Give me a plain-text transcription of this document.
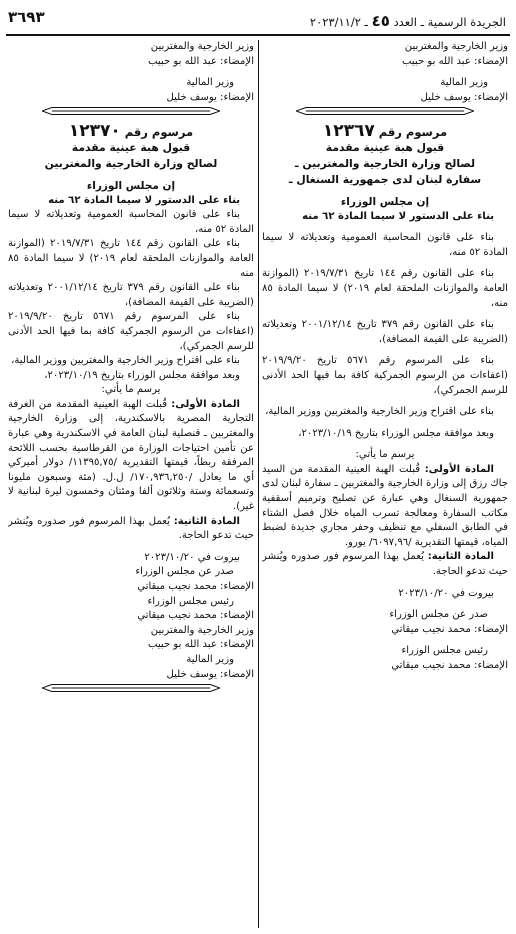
الجريدة الرسمية ـ العدد ٤٥ ـ ٢٠٢٣/١١/٢
٣٦٩٣

وزير الخارجية والمغتربين

الإمضاء: عبد الله بو حبيب

وزير المالية

الإمضاء: يوسف خليل

مرسوم رقم ١٢٣٦٧

قبول هبة عينية مقدمة

لصالح وزارة الخارجية والمغتربين ـ

سفارة لبنان لدى جمهورية السنغال ـ

إن مجلس الوزراء

بناء على الدستور لا سيما المادة ٦٢ منه

بناء على قانون المحاسبة العمومية وتعديلاته لا سيما المادة ٥٢ منه،

بناء على القانون رقم ١٤٤ تاريخ ٢٠١٩/٧/٣١ (الموازنة العامة والموازنات الملحقة لعام ٢٠١٩) لا سيما المادة ٨٥ منه،

بناء على القانون رقم ٣٧٩ تاريخ ٢٠٠١/١٢/١٤ وتعديلاته (الضريبة على القيمة المضافة)،

بناء على المرسوم رقم ٥٦٧١ تاريخ ٢٠١٩/٩/٢٠ (اعفاءات من الرسوم الجمركية كافة بما فيها الحد الأدنى للرسم الجمركي)،

بناء على اقتراح وزير الخارجية والمغتربين ووزير المالية،

وبعد موافقة مجلس الوزراء بتاريخ ٢٠٢٣/١٠/١٩،

يرسم ما يأتي:

المادة الأولى: قُبلت الهبة العينية المقدمة من السيد جاك رزق إلى وزارة الخارجية والمغتربين ـ سفارة لبنان لدى جمهورية السنغال وهي عبارة عن تصليح وترميم أسقفية مكاتب السفارة ومعالجة تسرب المياه خلال فصل الشتاء في الطابق السفلي مع تنظيف وحفر مجاري جديدة لضبط المياه، قيمتها التقديرية /٦٠٩٧,٩٦/ يورو.

المادة الثانية: يُعمل بهذا المرسوم فور صدوره ويُنشر حيث تدعو الحاجة.

بيروت في ٢٠٢٣/١٠/٢٠

صدر عن مجلس الوزراء

الإمضاء: محمد نجيب ميقاتي

رئيس مجلس الوزراء

الإمضاء: محمد نجيب ميقاتي

وزير الخارجية والمغتربين

الإمضاء: عبد الله بو حبيب

وزير المالية

الإمضاء: يوسف خليل

مرسوم رقم ١٢٣٧٠

قبول هبة عينية مقدمة

لصالح وزارة الخارجية والمغتربين

إن مجلس الوزراء

بناء على الدستور لا سيما المادة ٦٢ منه

بناء على قانون المحاسبة العمومية وتعديلاته لا سيما المادة ٥٢ منه،

بناء على القانون رقم ١٤٤ تاريخ ٢٠١٩/٧/٣١ (الموازنة العامة والموازنات الملحقة لعام ٢٠١٩) لا سيما المادة ٨٥ منه

بناء على القانون رقم ٣٧٩ تاريخ ٢٠٠١/١٢/١٤ وتعديلاته (الضريبة على القيمة المضافة)،

بناء على المرسوم رقم ٥٦٧١ تاريخ ٢٠١٩/٩/٢٠ (اعفاءات من الرسوم الجمركية كافة بما فيها الحد الأدنى للرسم الجمركي)،

بناء على اقتراح وزير الخارجية والمغتربين ووزير المالية،

وبعد موافقة مجلس الوزراء بتاريخ ٢٠٢٣/١٠/١٩،

يرسم ما يأتي:

المادة الأولى: قُبلت الهبة العينية المقدمة من الغرفة التجارية المصرية بالاسكندرية، إلى وزارة الخارجية والمغتربين ـ قنصلية لبنان العامة في الاسكندرية وهي عبارة عن تأمين احتياجات الوزارة من القرطاسية بحسب اللائحة المرفقة ربطاً، قيمتها التقديرية /١١٣٩٥,٧٥/ دولار أميركي أي ما يعادل /١٧٠,٩٣٦,٢٥٠/ ل.ل. (مئة وسبعون مليونا وتسعمائة وستة وثلاثون ألفا ومئتان وخمسون ليرة لبنانية لا غير).

المادة الثانية: يُعمل بهذا المرسوم فور صدوره ويُنشر حيث تدعو الحاجة.

بيروت في ٢٠٢٣/١٠/٢٠

صدر عن مجلس الوزراء

الإمضاء: محمد نجيب ميقاتي

رئيس مجلس الوزراء

الإمضاء: محمد نجيب ميقاتي

وزير الخارجية والمغتربين

الإمضاء: عبد الله بو حبيب

وزير المالية

الإمضاء: يوسف خليل
